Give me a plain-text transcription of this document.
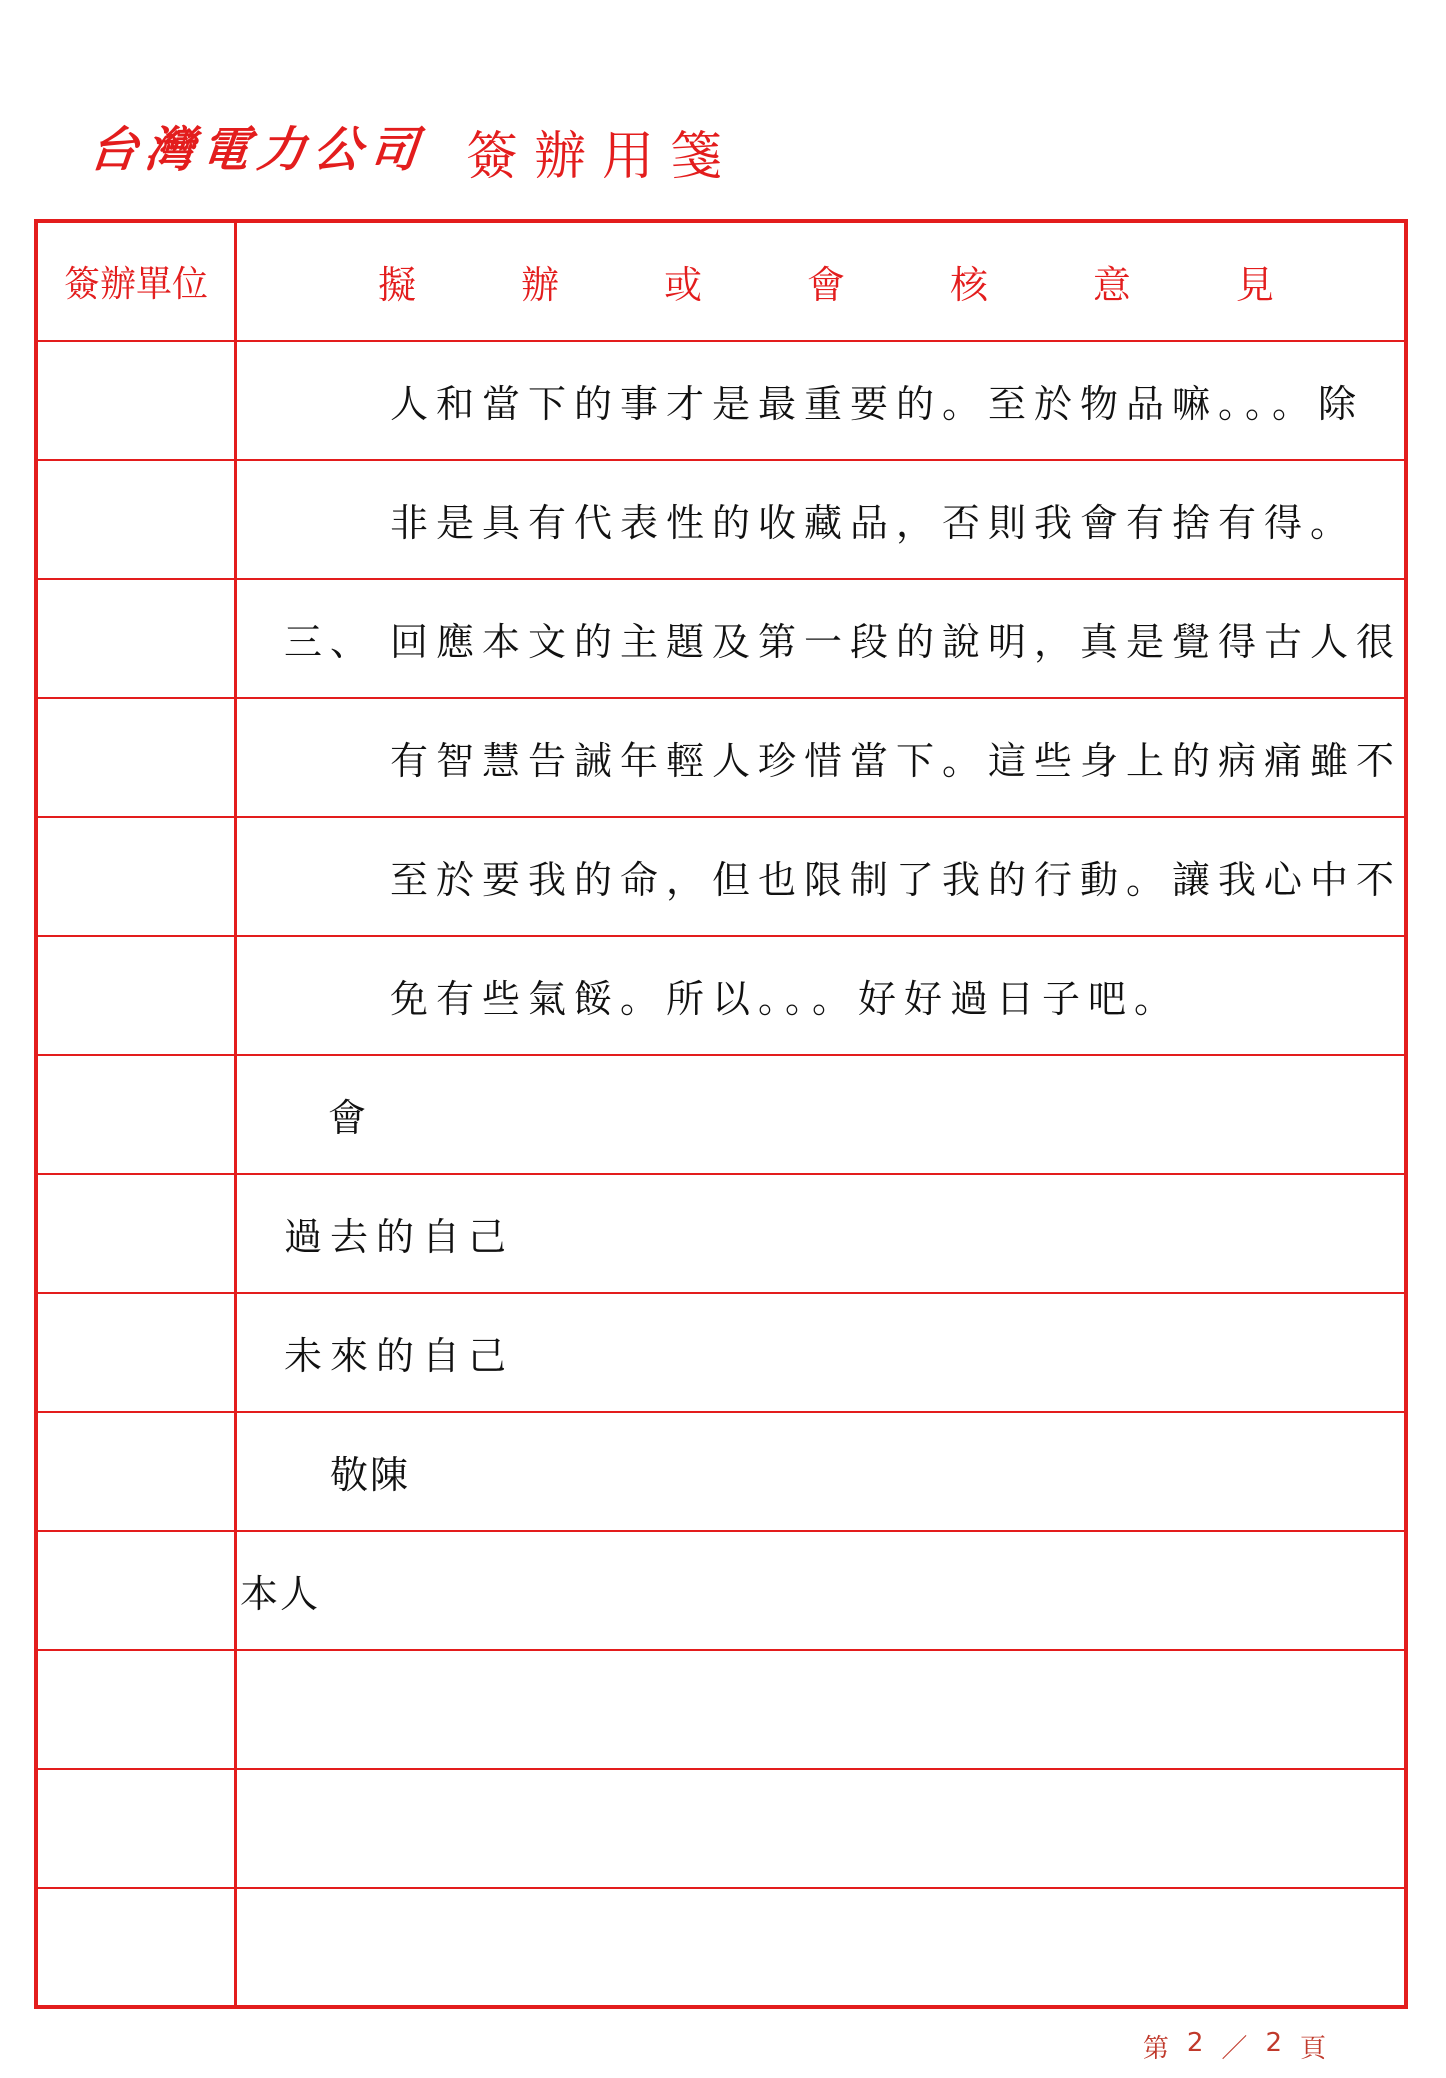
台灣電力公司 簽辦用箋
簽辦單位	擬	辦	或	會	核	意	見
人和當下的事才是最重要的。至於物品嘛。。。除
非是具有代表性的收藏品，否則我會有捨有得。
三、 回應本文的主題及第一段的說明，真是覺得古人很
有智慧告誡年輕人珍惜當下。這些身上的病痛雖不
至於要我的命，但也限制了我的行動。讓我心中不
免有些氣餒。所以。。。好好過日子吧。
會
過去的自己
未來的自己
敬陳
本人
第 2 ／ 2 頁
